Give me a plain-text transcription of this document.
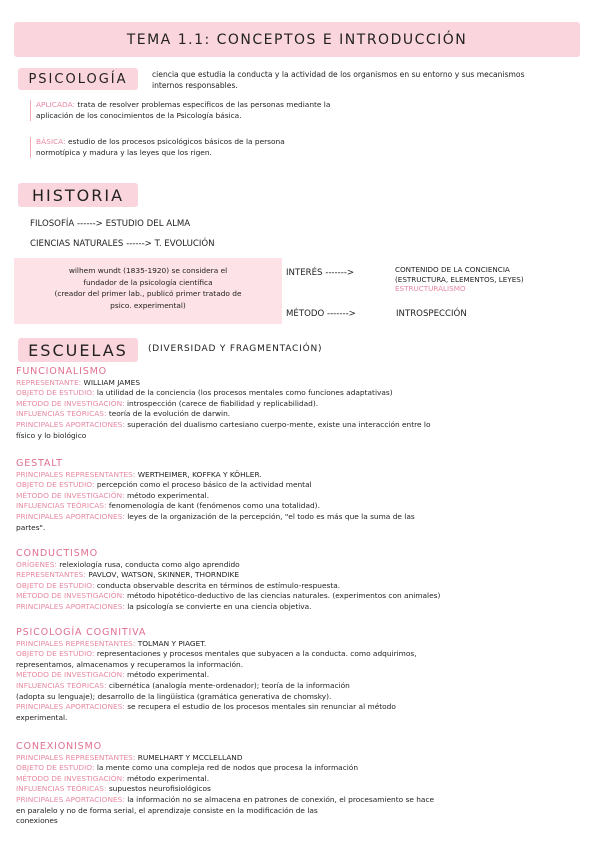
TEMA 1.1: CONCEPTOS E INTRODUCCIÓN
PSICOLOGÍA	ciencia que estudia la conducta y la actividad de los organismos en su entorno y sus mecanismos internos responsables.
APLICADA: trata de resolver problemas específicos de las personas mediante la aplicación de los conocimientos de la Psicología básica.
BÁSICA: estudio de los procesos psicológicos básicos de la persona normotípica y madura y las leyes que los rigen.
HISTORIA
FILOSOFÍA ------> ESTUDIO DEL ALMA
CIENCIAS NATURALES ------> T. EVOLUCIÓN
wilhem wundt (1835-1920) se considera el
fundador de la psicología científica
(creador del primer lab., publicó primer tratado de
psico. experimental)
INTERÉS ------->	CONTENIDO DE LA CONCIENCIA
(ESTRUCTURA, ELEMENTOS, LEYES)
ESTRUCTURALISMO
MÉTODO ------->	INTROSPECCIÓN
ESCUELAS	(DIVERSIDAD Y FRAGMENTACIÓN)
FUNCIONALISMO
REPRESENTANTE: WILLIAM JAMES
OBJETO DE ESTUDIO: la utilidad de la conciencia (los procesos mentales como funciones adaptativas)
MÉTODO DE INVESTIGACIÓN: introspección (carece de fiabilidad y replicabilidad).
INFLUENCIAS TEÓRICAS: teoría de la evolución de darwin.
PRINCIPALES APORTACIONES: superación del dualismo cartesiano cuerpo-mente, existe una interacción entre lo
físico y lo biológico
GESTALT
PRINCIPALES REPRESENTANTES: WERTHEIMER, KOFFKA Y KÖHLER.
OBJETO DE ESTUDIO: percepción como el proceso básico de la actividad mental
MÉTODO DE INVESTIGACIÓN: método experimental.
INFLUENCIAS TEÓRICAS: fenomenología de kant (fenómenos como una totalidad).
PRINCIPALES APORTACIONES: leyes de la organización de la percepción, "el todo es más que la suma de las
partes".
CONDUCTISMO
ORÍGENES: relexiología rusa, conducta como algo aprendido
REPRESENTANTES: PAVLOV, WATSON, SKINNER, THORNDIKE
OBJETO DE ESTUDIO: conducta observable descrita en términos de estímulo-respuesta.
MÉTODO DE INVESTIGACIÓN: método hipotético-deductivo de las ciencias naturales. (experimentos con animales)
PRINCIPALES APORTACIONES: la psicología se convierte en una ciencia objetiva.
PSICOLOGÍA COGNITIVA
PRINCIPALES REPRESENTANTES: TOLMAN Y PIAGET.
OBJETO DE ESTUDIO: representaciones y procesos mentales que subyacen a la conducta. como adquirimos,
representamos, almacenamos y recuperamos la información.
MÉTODO DE INVESTIGACIÓN: método experimental.
INFLUENCIAS TEÓRICAS: cibernética (analogía mente-ordenador); teoría de la información
(adopta su lenguaje); desarrollo de la lingüística (gramática generativa de chomsky).
PRINCIPALES APORTACIONES: se recupera el estudio de los procesos mentales sin renunciar al método
experimental.
CONEXIONISMO
PRINCIPALES REPRESENTANTES: RUMELHART Y MCCLELLAND
OBJETO DE ESTUDIO: la mente como una compleja red de nodos que procesa la información
MÉTODO DE INVESTIGACIÓN: método experimental.
INFLUENCIAS TEÓRICAS: supuestos neurofisiológicos
PRINCIPALES APORTACIONES: la información no se almacena en patrones de conexión, el procesamiento se hace
en paralelo y no de forma serial, el aprendizaje consiste en la modificación de las
conexiones
